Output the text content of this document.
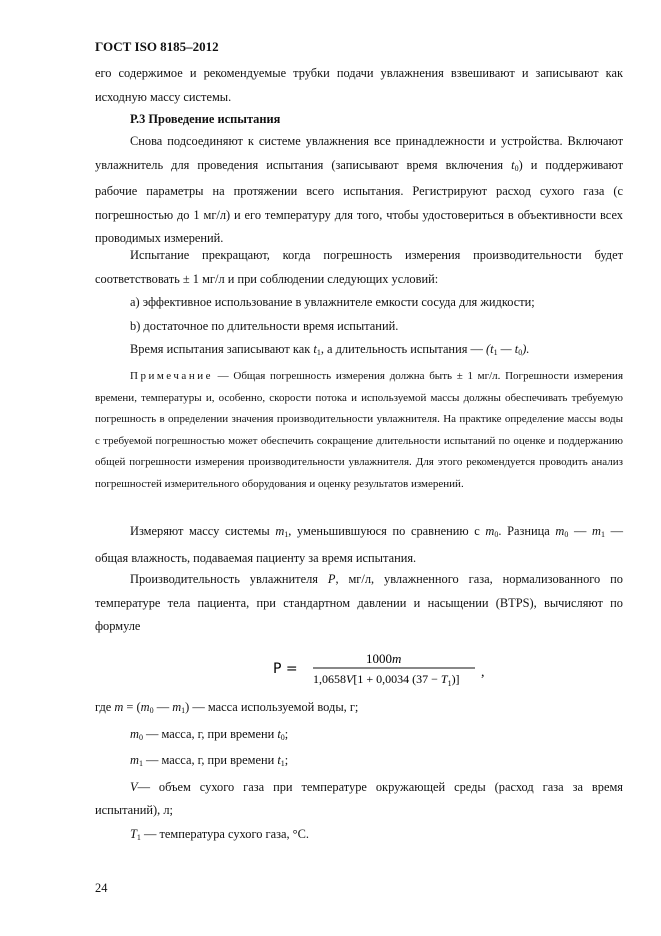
ГОСТ ISO 8185–2012

его содержимое и рекомендуемые трубки подачи увлажнения взвешивают и записывают как исходную массу системы.

Р.3 Проведение испытания

Снова подсоединяют к системе увлажнения все принадлежности и устройства. Включают увлажнитель для проведения испытания (записывают время включения $t_0$) и поддерживают рабочие параметры на протяжении всего испытания. Регистрируют расход сухого газа (с погрешностью до 1 мг/л) и его температуру для того, чтобы удостовериться в объективности всех проводимых измерений.

Испытание прекращают, когда погрешность измерения производительности будет соответствовать ± 1 мг/л и при соблюдении следующих условий:

a) эффективное использование в увлажнителе емкости сосуда для жидкости;

b) достаточное по длительности время испытаний.

Время испытания записывают как $t_1$, а длительность испытания — ($t_1$ — $t_0$).

Примечание — Общая погрешность измерения должна быть ± 1 мг/л. Погрешности измерения времени, температуры и, особенно, скорости потока и используемой массы должны обеспечивать требуемую погрешность в определении значения производительности увлажнителя. На практике определение массы воды с требуемой погрешностью может обеспечить сокращение длительности испытаний по оценке и поддержанию общей погрешности измерения производительности увлажнителя. Для этого рекомендуется проводить анализ погрешностей измерительного оборудования и оценку результатов измерений.

Измеряют массу системы $m_1$, уменьшившуюся по сравнению с $m_0$. Разница $m_0$ — $m_1$ — общая влажность, подаваемая пациенту за время испытания.

Производительность увлажнителя P, мг/л, увлажненного газа, нормализованного по температуре тела пациента, при стандартном давлении и насыщении (BTPS), вычисляют по формуле

P =
1000m
1,0658V[1 + 0,0034 $(37 - T_1)$] ,

где $m = (m_0$ — $m_1$) — масса используемой воды, г;

$m_0$ — масса, г, при времени $t_0$;

$m_1$ — масса, г, при времени $t_1$;

V— объем сухого газа при температуре окружающей среды (расход газа за время испытаний), л;

$T_1$ — температура сухого газа, °С.

24
